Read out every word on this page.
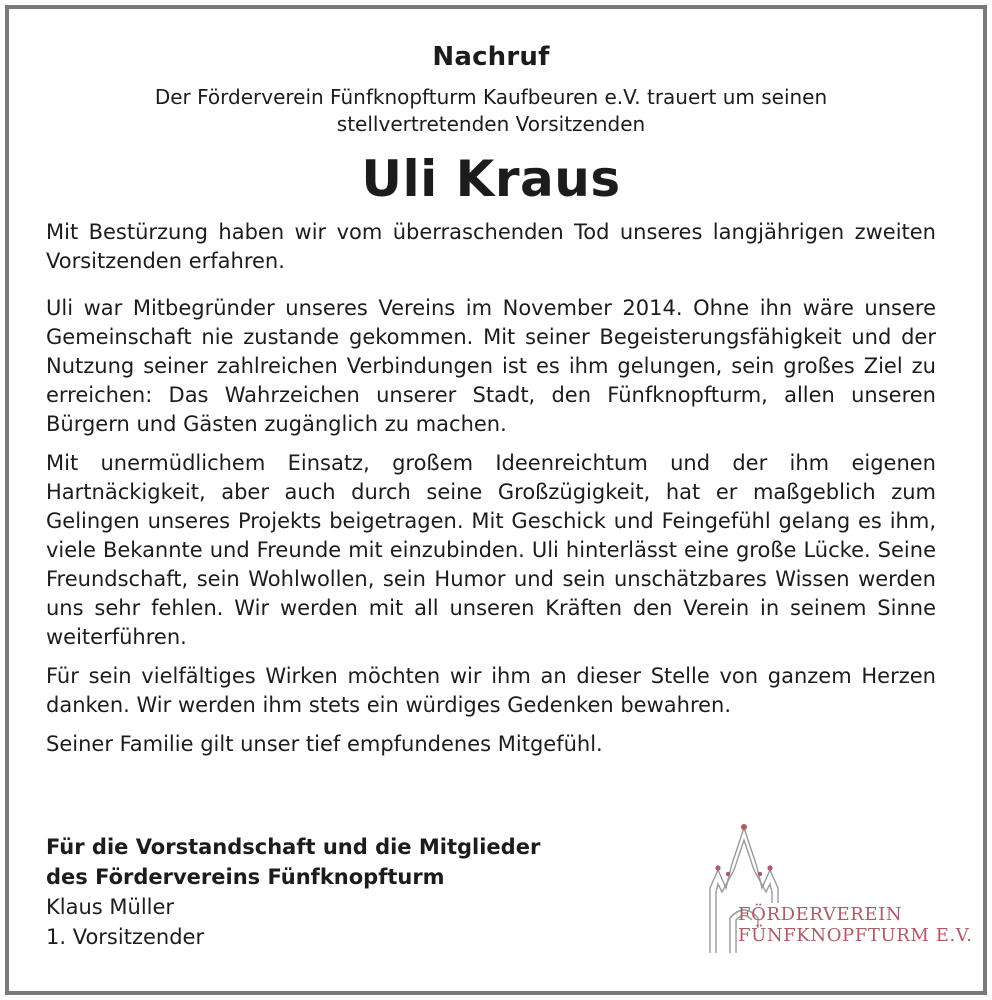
Nachruf
Der Förderverein Fünfknopfturm Kaufbeuren e.V. trauert um seinen
stellvertretenden Vorsitzenden
Uli Kraus

Mit Bestürzung haben wir vom überraschenden Tod unseres langjährigen zweiten Vorsitzenden erfahren.

Uli war Mitbegründer unseres Vereins im November 2014. Ohne ihn wäre unsere Gemeinschaft nie zustande gekommen. Mit seiner Begeisterungsfähigkeit und der Nutzung seiner zahlreichen Verbindungen ist es ihm gelungen, sein großes Ziel zu erreichen: Das Wahrzeichen unserer Stadt, den Fünfknopfturm, allen unseren Bürgern und Gästen zugänglich zu machen.

Mit unermüdlichem Einsatz, großem Ideenreichtum und der ihm eigenen Hartnäckigkeit, aber auch durch seine Großzügigkeit, hat er maßgeblich zum Gelingen unseres Projekts beigetragen. Mit Geschick und Feingefühl gelang es ihm, viele Bekannte und Freunde mit einzubinden. Uli hinterlässt eine große Lücke. Seine Freundschaft, sein Wohlwollen, sein Humor und sein unschätzbares Wissen werden uns sehr fehlen. Wir werden mit all unseren Kräften den Verein in seinem Sinne weiterführen.

Für sein vielfältiges Wirken möchten wir ihm an dieser Stelle von ganzem Herzen danken. Wir werden ihm stets ein würdiges Gedenken bewahren.

Seiner Familie gilt unser tief empfundenes Mitgefühl.

Für die Vorstandschaft und die Mitglieder
des Fördervereins Fünfknopfturm
Klaus Müller
1. Vorsitzender
FÖRDERVEREIN
FÜNFKNOPFTURM E.V.
